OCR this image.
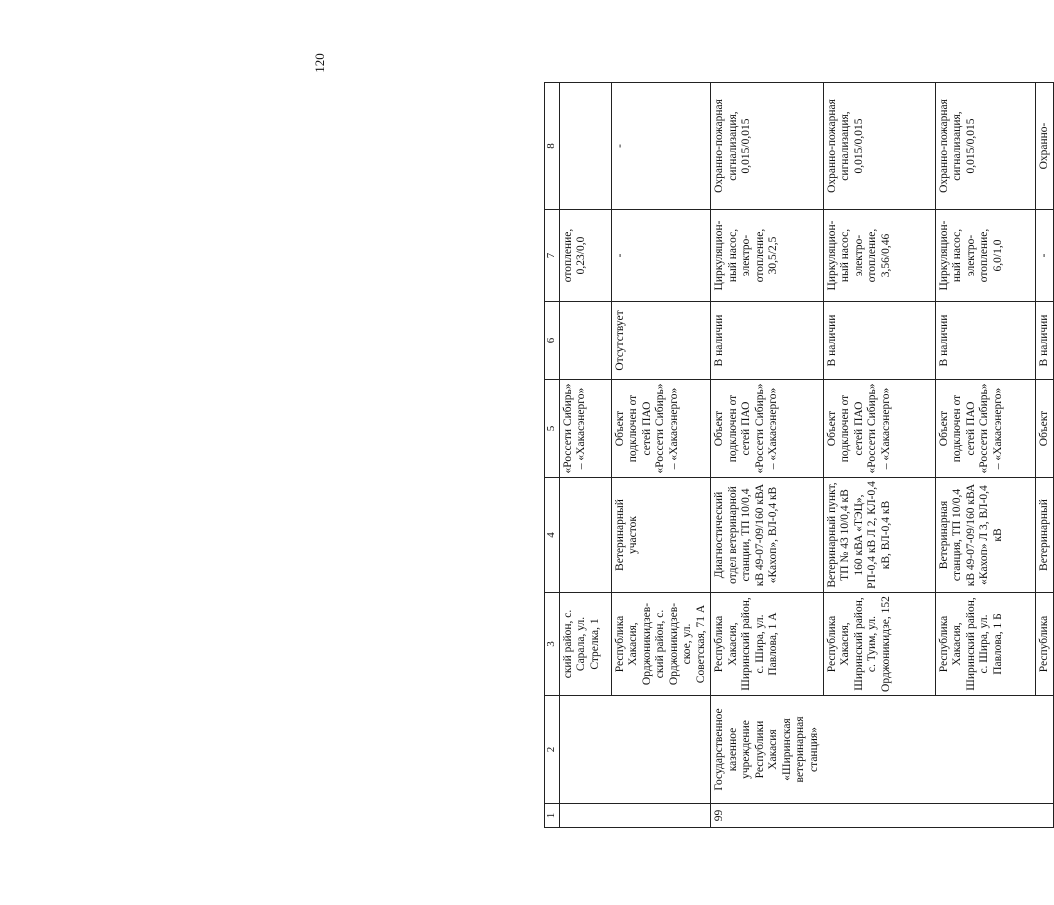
120
1	2	3	4	5	6	7	8
		ский район, с. Сарала, ул. Стрелка, 1		«Россети Сибирь» – «Хакасэнерго»		отопление, 0,23/0,0	
		Республика Хакасия, Орджоникидзев-ский район, с. Орджоникидзев-ское, ул. Советская, 71 А	Ветеринарный участок	Объект подключен от сетей ПАО «Россети Сибирь» – «Хакасэнерго»	Отсутствует	-	-
99	Государственное казенное учреждение Республики Хакасия «Ширинская ветеринарная станция»	Республика Хакасия, Ширинский район, с. Шира, ул. Павлова, 1 А	Диагностический отдел ветеринарной станции, ТП 10/0,4 кВ 49-07-09/160 кВА «Кахоп», ВЛ-0,4 кВ	Объект подключен от сетей ПАО «Россети Сибирь» – «Хакасэнерго»	В наличии	Циркуляцион-ный насос, электро-отопление, 30,5/2,5	Охранно-пожарная сигнализация, 0,015/0,015
		Республика Хакасия, Ширинский район, с. Туим, ул. Орджоникидзе, 152	Ветеринарный пункт, ТП № 43 10/0,4 кВ 160 кВА «ТЭЦ», РП-0,4 кВ Л 2, КЛ-0,4 кВ, ВЛ-0,4 кВ	Объект подключен от сетей ПАО «Россети Сибирь» – «Хакасэнерго»	В наличии	Циркуляцион-ный насос, электро-отопление, 3,56/0,46	Охранно-пожарная сигнализация, 0,015/0,015
		Республика Хакасия, Ширинский район, с. Шира, ул. Павлова, 1 Б	Ветеринарная станция, ТП 10/0,4 кВ 49-07-09/160 кВА «Кахоп» Л 3, ВЛ-0,4 кВ	Объект подключен от сетей ПАО «Россети Сибирь» – «Хакасэнерго»	В наличии	Циркуляцион-ный насос, электро-отопление, 6,0/1,0	Охранно-пожарная сигнализация, 0,015/0,015
		Республика	Ветеринарный	Объект	В наличии	-	Охранно-
